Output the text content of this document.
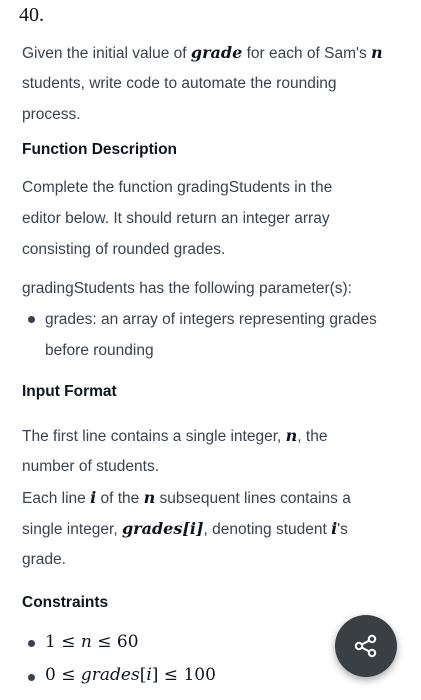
40.
Given the initial value of grade for each of Sam's n
students, write code to automate the rounding
process.
Function Description
Complete the function gradingStudents in the
editor below. It should return an integer array
consisting of rounded grades.
gradingStudents has the following parameter(s):
grades: an array of integers representing grades
before rounding
Input Format
The first line contains a single integer, n, the
number of students.
Each line i of the n subsequent lines contains a
single integer, grades[i], denoting student i's
grade.
Constraints
1 ≤ n ≤ 60
0 ≤ grades[i] ≤ 100
